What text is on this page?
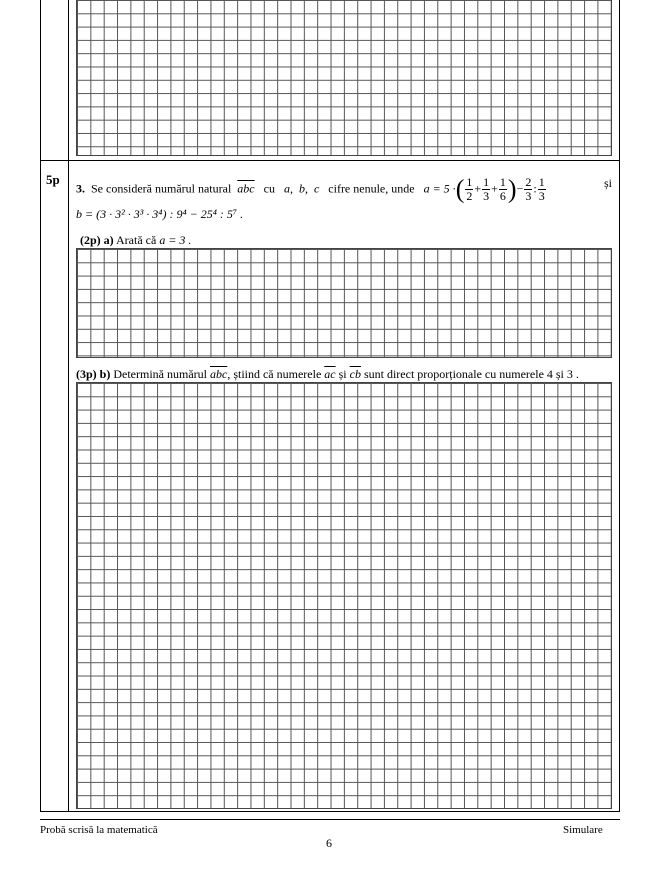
5p
3. Se consideră numărul natural $\overline{abc}$ cu a,  b,  c cifre nenule, unde a = 5 ·( $\frac{1}{2} + \frac{1}{3} + \frac{1}{6}$ )− $\frac{2}{3}$ : $\frac{1}{3}$	și
b = (3 · 3² · 3³ · 3⁴) : 9⁴ − 25⁴ : 5⁷ .
(2p) a) Arată că a = 3 .
(3p) b) Determină numărul $\overline{abc}$, știind că numerele $\overline{ac}$ și $\overline{cb}$ sunt direct proporționale cu numerele 4 și 3 .
Probă scrisă la matematică	Simulare
6
